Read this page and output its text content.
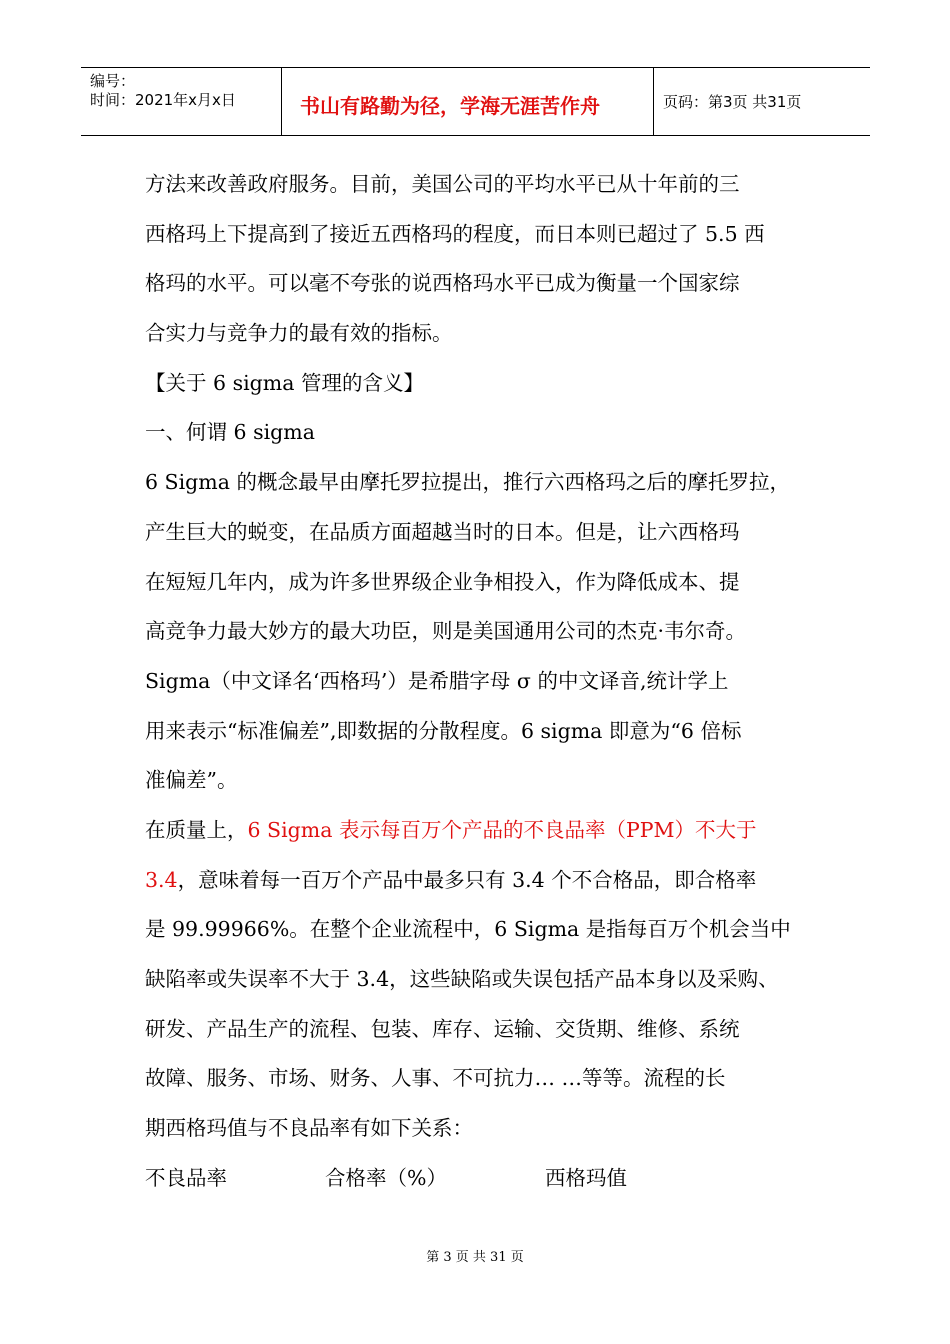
编号：
时间：2021年x月x日	书山有路勤为径，学海无涯苦作舟	页码：第3页 共31页
方法来改善政府服务。目前，美国公司的平均水平已从十年前的三
西格玛上下提高到了接近五西格玛的程度，而日本则已超过了 5.5 西
格玛的水平。可以毫不夸张的说西格玛水平已成为衡量一个国家综
合实力与竞争力的最有效的指标。
【关于 6 sigma 管理的含义】
一、何谓 6 sigma
6 Sigma 的概念最早由摩托罗拉提出，推行六西格玛之后的摩托罗拉，
产生巨大的蜕变，在品质方面超越当时的日本。但是，让六西格玛
在短短几年内，成为许多世界级企业争相投入，作为降低成本、提
高竞争力最大妙方的最大功臣，则是美国通用公司的杰克·韦尔奇。
Sigma（中文译名‘西格玛’）是希腊字母 σ 的中文译音,统计学上
用来表示“标准偏差”,即数据的分散程度。6 sigma 即意为“6 倍标
准偏差”。
在质量上，6 Sigma 表示每百万个产品的不良品率（PPM）不大于
3.4，意味着每一百万个产品中最多只有 3.4 个不合格品，即合格率
是 99.99966%。在整个企业流程中，6 Sigma 是指每百万个机会当中
缺陷率或失误率不大于 3.4，这些缺陷或失误包括产品本身以及采购、
研发、产品生产的流程、包装、库存、运输、交货期、维修、系统
故障、服务、市场、财务、人事、不可抗力… …等等。流程的长
期西格玛值与不良品率有如下关系：
不良品率	合格率（%）	西格玛值
第 3 页 共 31 页
